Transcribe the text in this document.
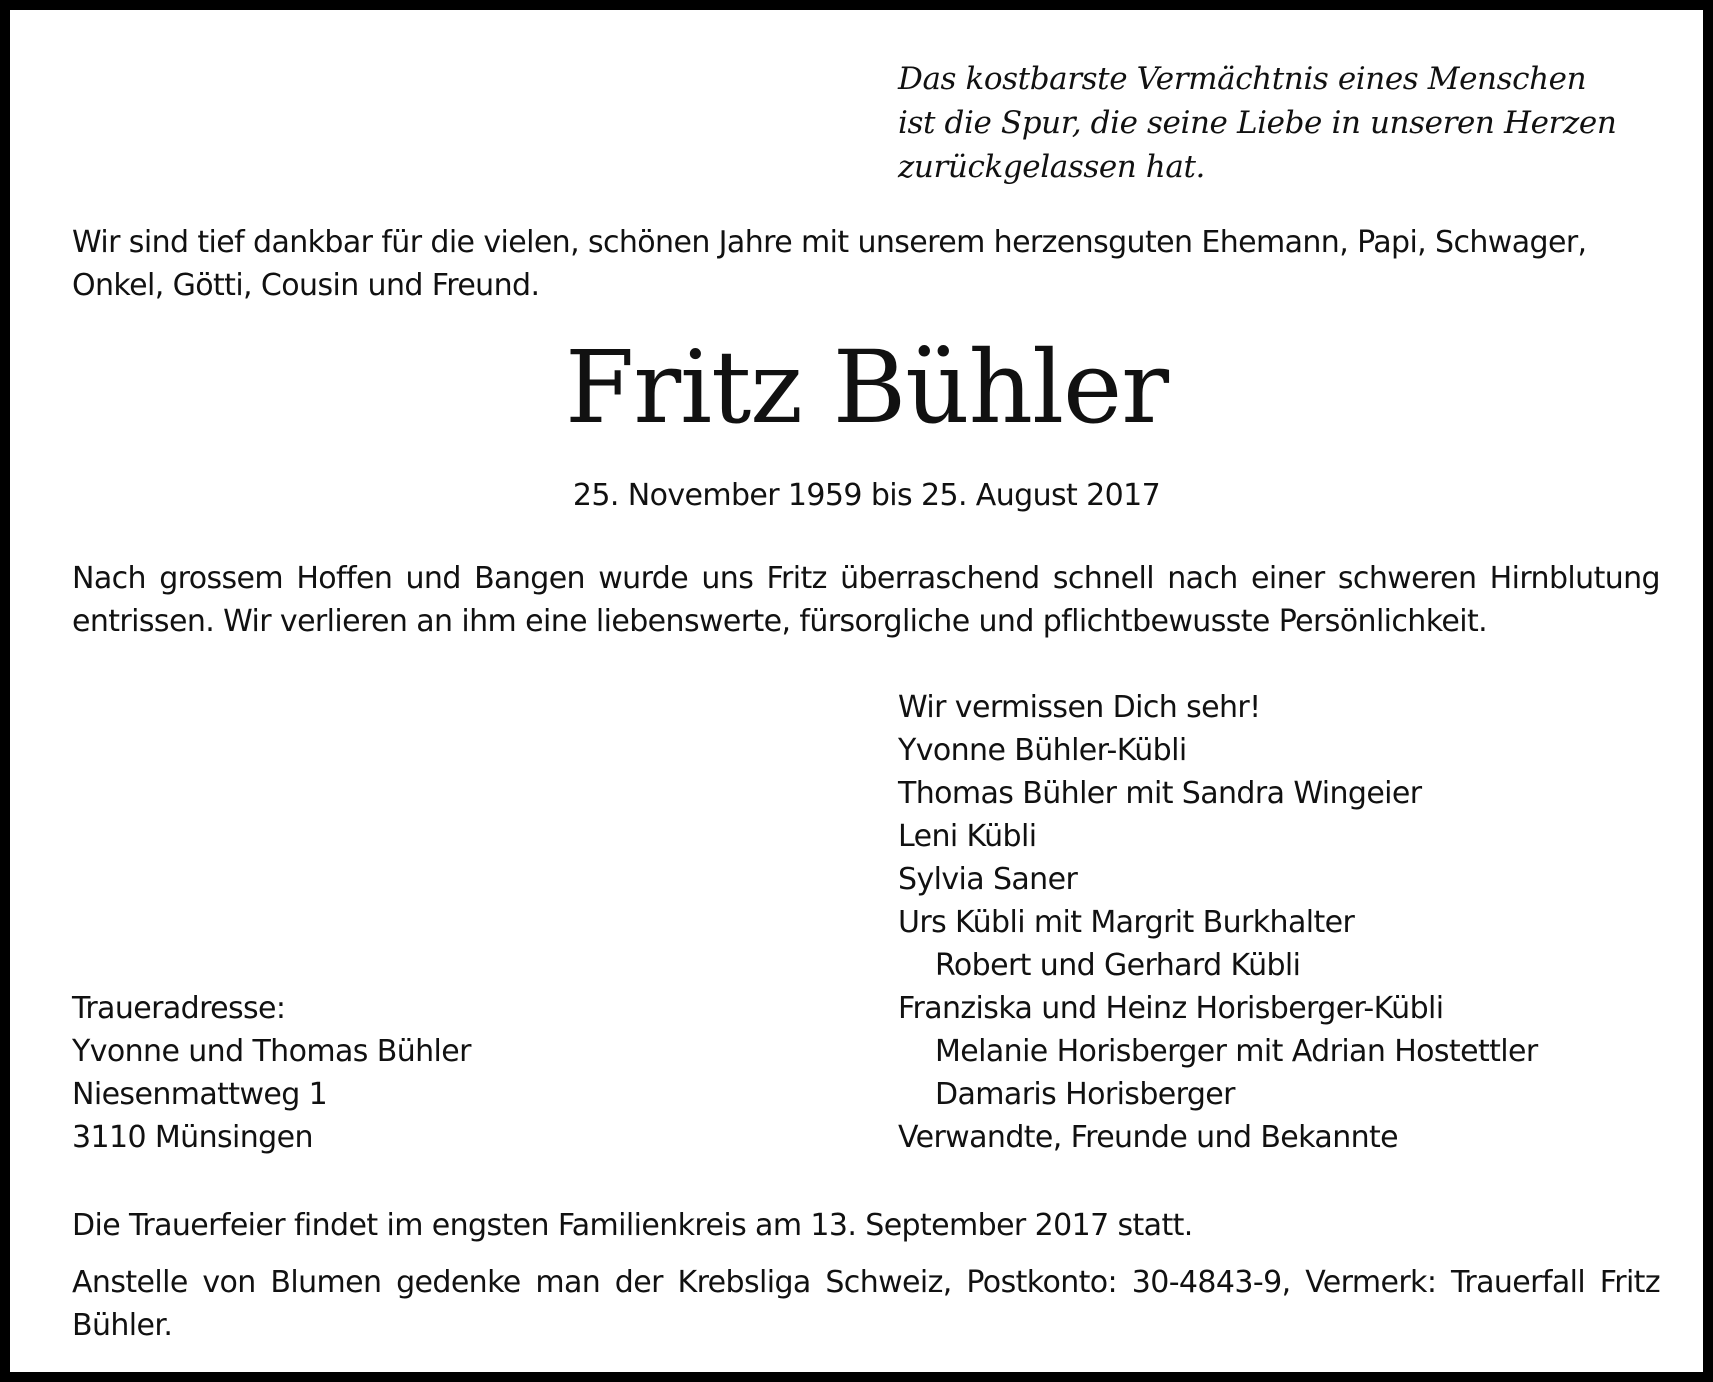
Das kostbarste Vermächtnis eines Menschen
ist die Spur, die seine Liebe in unseren Herzen
zurückgelassen hat.

Wir sind tief dankbar für die vielen, schönen Jahre mit unserem herzensguten Ehemann, Papi, Schwager, Onkel, Götti, Cousin und Freund.

Fritz Bühler

25. November 1959 bis 25. August 2017

Nach grossem Hoffen und Bangen wurde uns Fritz überraschend schnell nach einer schweren Hirnblutung entrissen. Wir verlieren an ihm eine liebenswerte, fürsorgliche und pflichtbewusste Persönlichkeit.

Wir vermissen Dich sehr!
Yvonne Bühler-Kübli
Thomas Bühler mit Sandra Wingeier
Leni Kübli
Sylvia Saner
Urs Kübli mit Margrit Burkhalter
Robert und Gerhard Kübli
Franziska und Heinz Horisberger-Kübli
Melanie Horisberger mit Adrian Hostettler
Damaris Horisberger
Verwandte, Freunde und Bekannte
Traueradresse:
Yvonne und Thomas Bühler
Niesenmattweg 1
3110 Münsingen

Die Trauerfeier findet im engsten Familienkreis am 13. September 2017 statt.

Anstelle von Blumen gedenke man der Krebsliga Schweiz, Postkonto: 30-4843-9, Vermerk: Trauerfall Fritz Bühler.
